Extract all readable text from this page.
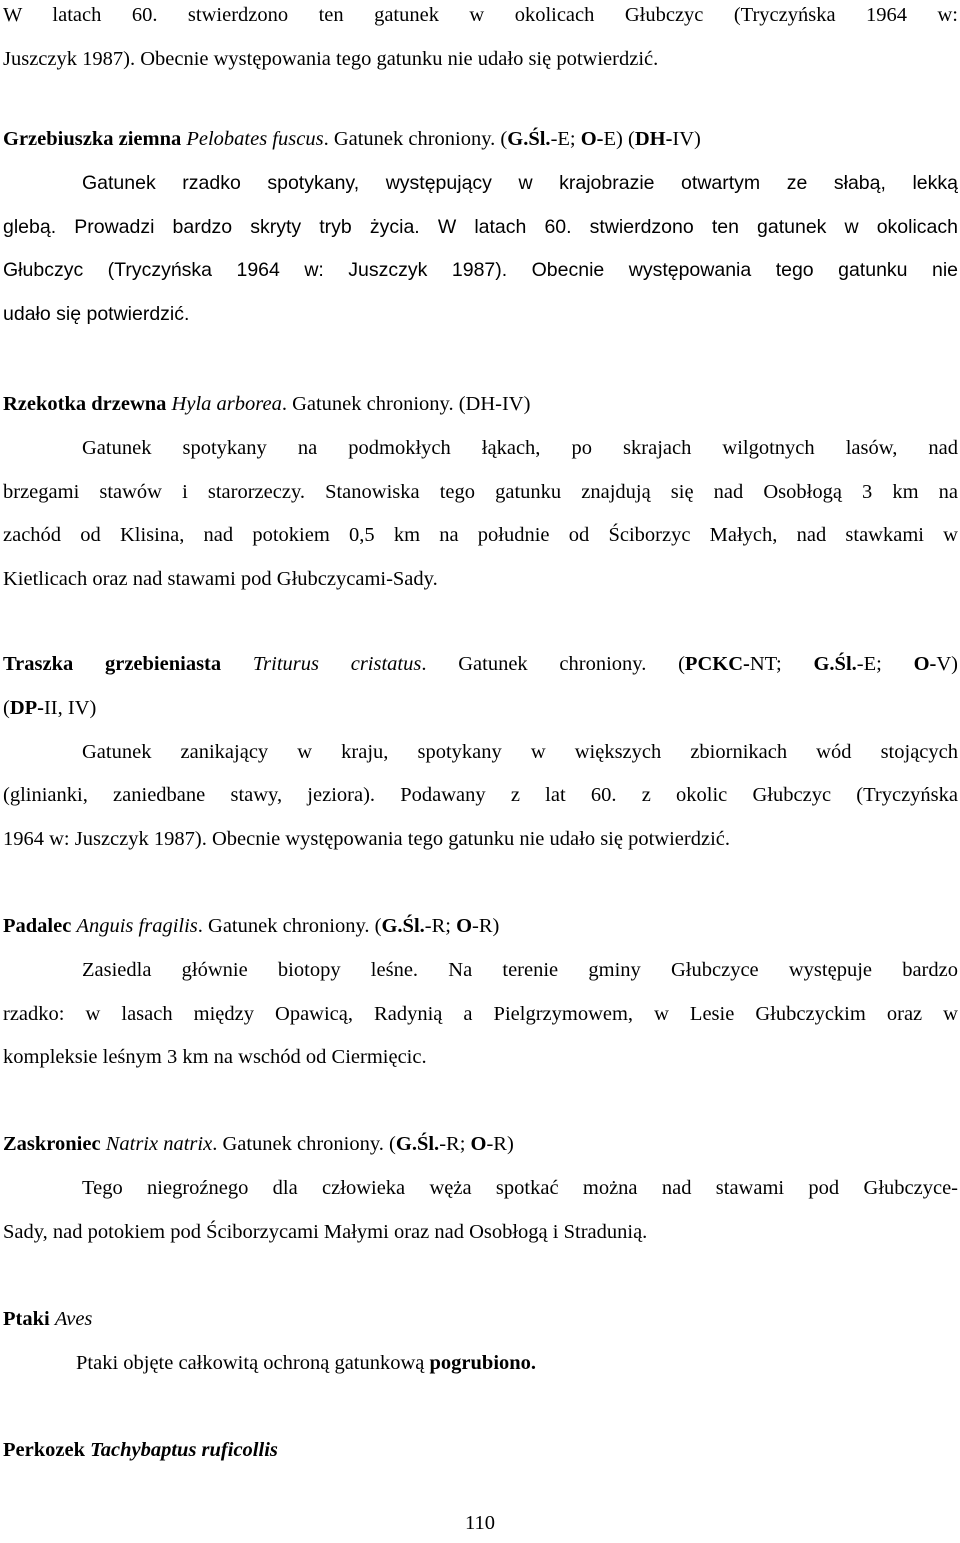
W latach 60. stwierdzono ten gatunek w okolicach Głubczyc (Tryczyńska 1964 w:
Juszczyk 1987). Obecnie występowania tego gatunku nie udało się potwierdzić.
Grzebiuszka ziemna Pelobates fuscus. Gatunek chroniony. (G.Śl.-E; O-E) (DH-IV)
Gatunek rzadko spotykany, występujący w krajobrazie otwartym ze słabą, lekką
glebą. Prowadzi bardzo skryty tryb życia. W latach 60. stwierdzono ten gatunek w okolicach
Głubczyc (Tryczyńska 1964 w: Juszczyk 1987). Obecnie występowania tego gatunku nie
udało się potwierdzić.
Rzekotka drzewna Hyla arborea. Gatunek chroniony. (DH-IV)
Gatunek spotykany na podmokłych łąkach, po skrajach wilgotnych lasów, nad
brzegami stawów i starorzeczy. Stanowiska tego gatunku znajdują się nad Osobłogą 3 km na
zachód od Klisina, nad potokiem 0,5 km na południe od Ściborzyc Małych, nad stawkami w
Kietlicach oraz nad stawami pod Głubczycami-Sady.
Traszka grzebieniasta Triturus cristatus. Gatunek chroniony. (PCKC-NT; G.Śl.-E; O-V)
(DP-II, IV)
Gatunek zanikający w kraju, spotykany w większych zbiornikach wód stojących
(glinianki, zaniedbane stawy, jeziora). Podawany z lat 60. z okolic Głubczyc (Tryczyńska
1964 w: Juszczyk 1987). Obecnie występowania tego gatunku nie udało się potwierdzić.
Padalec Anguis fragilis. Gatunek chroniony. (G.Śl.-R; O-R)
Zasiedla głównie biotopy leśne. Na terenie gminy Głubczyce występuje bardzo
rzadko: w lasach między Opawicą, Radynią a Pielgrzymowem, w Lesie Głubczyckim oraz w
kompleksie leśnym 3 km na wschód od Ciermięcic.
Zaskroniec Natrix natrix. Gatunek chroniony. (G.Śl.-R; O-R)
Tego niegroźnego dla człowieka węża spotkać można nad stawami pod Głubczyce-
Sady, nad potokiem pod Ściborzycami Małymi oraz nad Osobłogą i Stradunią.
Ptaki Aves
Ptaki objęte całkowitą ochroną gatunkową pogrubiono.
Perkozek Tachybaptus ruficollis
110
